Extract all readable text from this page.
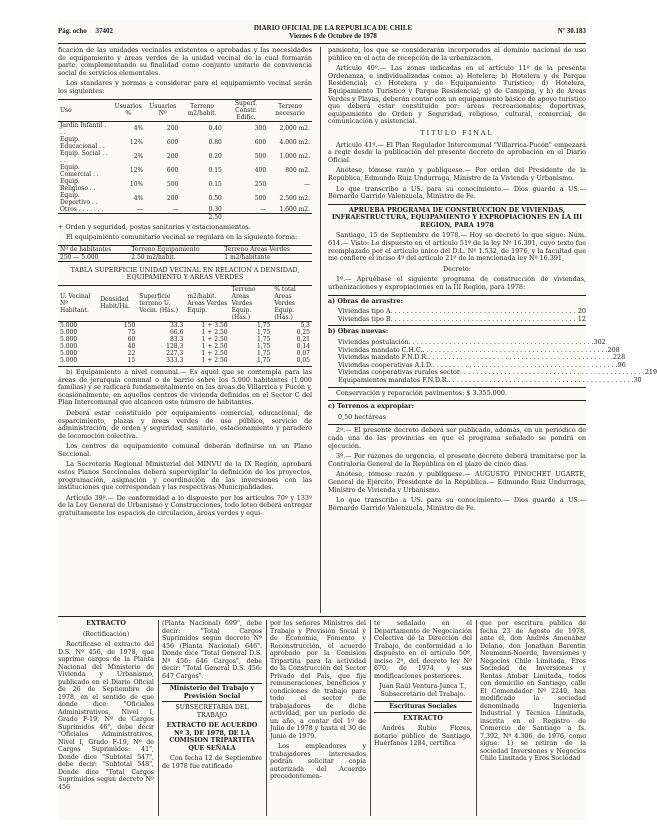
Pág. ocho 37402	DIARIO OFICIAL DE LA REPUBLICA DE CHILE
Viernes 6 de Octubre de 1978
Nº 30.183

ficación de las unidades vecinales existentes o aprobadas y las necesidades de equipamiento y áreas verdes de la unidad vecinal de la cual formarán parte, complementando su finalidad como conjunto unitario de convivencia social de servicios elementales.

Los standares y normas a considerar para el equipamiento vecinal serán los siguientes:

Uso	Usuarios %	Usuarios Nº	Terreno m2/habit.	Superf. Constr. Edific.	Terreno necesario
Jardín Infantil . . .	4%	200	0.40	300	2.000 m2.
Equip. Educacional . .	12%	600	0.80	600	4.000 m2.
Equip. Social . . . .	2%	200	0.20	500	1.000 m2.
Equip. Comercial . .	12%	600	0.15	400	800 m2.
Equip. Religioso . .	10%	500	0.15	250	—
Equip. Deportivo . .	4%	200	0.50	500	2.500 m2.
Otros . . . . . . .	—	—	0.30	—	1.600 m2.
			2.50		

+ Orden y seguridad, postas sanitarias y estacionamientos.

El equipamiento comunitario vecinal se regulará en la siguiente forma:

Nº de habitantes	Terreno Equipamiento	Terreno Areas Verdes
250 — 5.000	2.50 m2/habit.	1 m2/habitante

TABLA SUPERFICIE UNIDAD VECINAL EN RELACION A DENSIDAD, EQUIPAMIENTO Y AREAS VERDES

U. Vecinal Nº Habitant.	Densidad Habit/Há.	Superficie terreno U. Vecin. (Hás.)	m2/habit. Areas Verdes Equip.	Terreno Areas Verdes Equip. (Hás.)	% total Areas Verdes Equip. (Hás.)
5.000	150	33.3	1 + 3.50	1,75	5,3
5.000	75	66.6	1 + 2.50	1,75	0,25
5.000	60	83.3	1 + 2.50	1,75	0,21
5.000	40	128,3	1 + 2.50	1,75	0,14
5.000	22	227,3	1 + 2.50	1,75	0,07
5.000	15	333.3	1 + 2.50	1,75	0,05

b) Equipamiento a nivel comunal.— Es aquel que se contempla para las áreas de jerarquía comunal o de barrio sobre los 5.000 habitantes (1.000 familias) y se radicará fundamentalmente en las áreas de Villarrica y Pucón y, ocasionalmente, en aquellos centros de vivienda definidos en el Sector C del Plan Intercomunal que alcancen este número de habitantes.

Deberá estar constituido por equipamiento comercial, educacional, de esparcimiento, plazas y áreas verdes de uso público, servicio de administración, de orden y seguridad, sanitario, estacionamiento y paradero de locomoción colectiva.

Los centros de equipamiento comunal deberán definirse en un Plano Seccional.

La Secretaría Regional Ministerial del MINVU de la IX Región, aprobará estos Planos Seccionales deberá supervigilar la definición de los proyectos, programación, asignación y coordinación de las inversiones con las instituciones que correspondan y las respectivas Municipalidades.

Artículo 39º.— De conformidad a lo dispuesto por los artículos 70º y 133º de la Ley General de Urbanismo y Construcciones, todo loteo deberá entregar gratuitamente los espacios de circulación, áreas verdes y equi-

pamiento, los que se considerarán incorporados al dominio nacional de uso público en el acta de recepción de la urbanización.

Artículo 40º.— Las zonas indicadas en el artículo 11º de la presente Ordenanza, e individualizadas como: a) Hotelera; b) Hotelera y de Parque Residencial; c) Hotelera y de Equipamiento Turístico; d) Hotelera, Equipamiento Turístico y Parque Residencial; g) de Camping, y h) de Areas Verdes y Playas, deberán contar con un equipamiento básico de apoyo turístico que deberá estar constituido por: áreas recreacionales; deportivas, equipamiento de Orden y Seguridad, religioso, cultural, comercial, de comunicación y asistencial.

TITULO FINAL

Artículo 41º.— El Plan Regulador Intercomunal "Villarrica-Pucón" empezará a regir desde la publicación del presente decreto de aprobación en el Diario Oficial.

Anótese, tómese razón y publíquese.— Por orden del Presidente de la República, Edmundo Ruiz Undurraga, Ministro de la Vivienda y Urbanismo.

Lo que transcribo a US. para su conocimiento.— Dios guarde a US.— Bernardo Garrido Valenzuela, Ministro de Fe.

APRUEBA PROGRAMA DE CONSTRUCCION DE VIVIENDAS, INFRAESTRUCTURA, EQUIPAMIENTO Y EXPROPIACIONES EN LA III REGION, PARA 1978

Santiago, 15 de Septiembre de 1978.— Hoy se decretó lo que sigue: Núm. 614.— Visto: Lo dispuesto en el artículo 51º de la ley Nº 16.391, cuyo texto fue reemplazado por el artículo único del D.L. Nº 1.532, de 1976, y la facultad que me confiere el inciso 4º del artículo 21º de la mencionada ley Nº 16.391,

Decreto:

1º.— Apruébase el siguiente programa de construcción de viviendas, urbanizaciones y expropiaciones en la III Región, para 1978:

a) Obras de arrastre:

Viviendas tipo A . . . . . . . . . . . . . . . . . . . . . . . . . . . . . . . . . . . . . . . . . . . . . . 20
Viviendas tipo B . . . . . . . . . . . . . . . . . . . . . . . . . . . . . . . . . . . . . . . . . . . . . . 12

b) Obras nuevas:

Viviendas postulación . . . . . . . . . . . . . . . . . . . . . . . . . . . . . . . . . . . . . . . . . . . . . . 302
Viviendas mandato C.H.C. . . . . . . . . . . . . . . . . . . . . . . . . . . . . . . . . . . . . . . . . . . . . . . 208
Viviendas mandato F.N.D.R. . . . . . . . . . . . . . . . . . . . . . . . . . . . . . . . . . . . . . . . . . . . . . . 228
Viviendas cooperativas A.I.D. . . . . . . . . . . . . . . . . . . . . . . . . . . . . . . . . . . . . . . . . . . . . . . 96
Viviendas cooperativas rurales sector . . . . . . . . . . . . . . . . . . . . . . . . . . . . . . . . . . . . . . . . . . . . . . 219
Equipamientos mandatos F.N.D.R. . . . . . . . . . . . . . . . . . . . . . . . . . . . . . . . . . . . . . . . . . . . . . . 30

Conservación y reparación pavimentos: $ 3.355.000.

c) Terrenos a expropiar:

0,50 hectáreas

2º.— El presente decreto deberá ser publicado, además, en un periódico de cada una de las provincias en que el programa señalado se pondrá en ejecución.

3º.— Por razones de urgencia, el presente decreto deberá tramitarse por la Contraloría General de la República en el plazo de cinco días.

Anótese, tómese razón y publíquese.— AUGUSTO PINOCHET UGARTE, General de Ejército, Presidente de la República.— Edmundo Ruiz Undurraga, Ministro de Vivienda y Urbanismo.

Lo que transcribo a US. para su conocimiento.— Dios guarde a US.— Bernardo Garrido Valenzuela, Ministro de Fe.

EXTRACTO

(Rectificación)

Rectificase el extracto del D.S. Nº 456, de 1978, que suprime cargos de la Planta Nacional del Ministerio de Vivienda y Urbanismo, publicado en el Diario Oficial de 26 de Septiembre de 1978, en el sentido de que donde dice: "Oficiales Administrativos, Nivel I, Grado F-19, Nº de Cargos Suprimidos 46", debe decir "Oficiales Administrativos, Nivel I, Grado F-19, Nº de Cargos Suprimidos: 41", Donde dice "Subtotal 547", debe decir: "Subtotal 548", Donde dice "Total Cargos Suprimidos según decreto Nº 456

(Planta Nacional) 699", debe decir: "Total Cargos Suprimidos según decreto Nº 456 (Planta Nacional) 646". Donde dice "Total General D.S. Nº 456: 646 Cargos", debe decir: "Total General D.S. 456: 647 Cargos".

Ministerio del Trabajo y Previsión Social

SUBSECRETARIA DEL TRABAJO

EXTRACTO DE ACUERDO Nº 3, DE 1978, DE LA COMISION TRIPARTITA QUE SEÑALA

Con fecha 12 de Septiembre de 1978 fue ratificado

por los señores Ministros del Trabajo y Previsión Social y de Economía, Fomento y Reconstrucción, el acuerdo aprobado por la Comisión Tripartita para la actividad de la Construcción del Sector Privado del País, que fija remuneraciones, beneficios y condiciones de trabajo para todo el sector de trabajadores de dicha actividad, por un período de un año, a contar del 1º de Julio de 1978 y hasta el 30 de Junio de 1979.

Los empleadores y trabajadores interesados podrán solicitar copia autorizada del Acuerdo precedentemen-

te señalado en el Departamento de Negociación Colectiva de la Dirección del Trabajo, de conformidad a lo dispuesto en el artículo 50º, inciso 2º, del decreto ley Nº 670, de 1974, y sus modificaciones posteriores.

Juan Raúl Ventura-Junca T., Subsecretario del Trabajo.

Escrituras Sociales

EXTRACTO

Andrés Rubio Flores, notario público de Santiago, Huérfanos 1284, certifica

que por escritura pública de fecha 23 de Agosto de 1978, ante él, don Andrés Amenábar Delano, don Jonathan Barentin Neumann-Noerde, Inversiones y Negocios Chile Limitada, Eros Sociedad de Inversiones y Rentas Ambar Limitada, todos con domicilio en Santiago, calle El Comendador Nº 2240, han modificado la sociedad denominada Ingeniería Industrial y Técnica Limitada, inscrita en el Registro de Comercio de Santiago a fs. 7.392, Nº 4.306, de 1976, como sigue: 1) se retiran de la sociedad Inversiones y Negocios Chile Limitada y Eros Sociedad
